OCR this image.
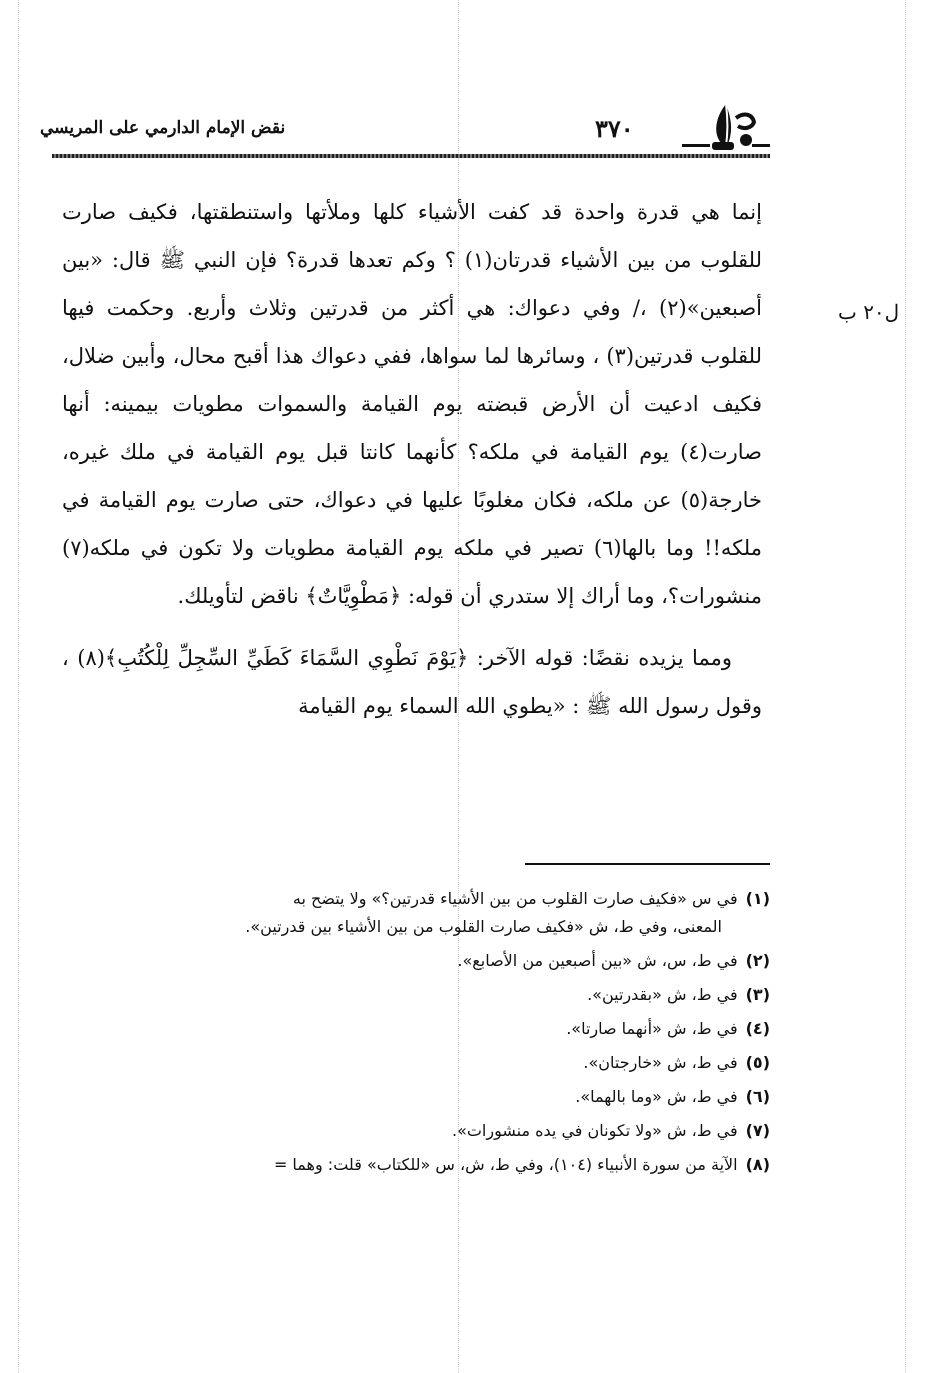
نقض الإمام الدارمي على المريسي	٣٧٠
ل٢٠ ب

إنما هي قدرة واحدة قد كفت الأشياء كلها وملأتها واستنطقتها، فكيف صارت للقلوب من بين الأشياء قدرتان(١) ؟ وكم تعدها قدرة؟ فإن النبي ﷺ قال: «بين أصبعين»(٢) ،/ وفي دعواك: هي أكثر من قدرتين وثلاث وأربع. وحكمت فيها للقلوب قدرتين(٣) ، وسائرها لما سواها، ففي دعواك هذا أقبح محال، وأبين ضلال، فكيف ادعيت أن الأرض قبضته يوم القيامة والسموات مطويات بيمينه: أنها صارت(٤) يوم القيامة في ملكه؟ كأنهما كانتا قبل يوم القيامة في ملك غيره، خارجة(٥) عن ملكه، فكان مغلوبًا عليها في دعواك، حتى صارت يوم القيامة في ملكه!! وما بالها(٦) تصير في ملكه يوم القيامة مطويات ولا تكون في ملكه(٧) منشورات؟، وما أراك إلا ستدري أن قوله: ﴿مَطْوِيَّاتٌ﴾ ناقض لتأويلك.

ومما يزيده نقضًا: قوله الآخر: ﴿يَوْمَ نَطْوِي السَّمَاءَ كَطَيِّ السِّجِلِّ لِلْكُتُبِ﴾(٨) ، وقول رسول الله ﷺ : «يطوي الله السماء يوم القيامة

(١)في س «فكيف صارت القلوب من بين الأشياء قدرتين؟» ولا يتضح به
المعنى، وفي ط، ش «فكيف صارت القلوب من بين الأشياء بين قدرتين».
(٢)في ط، س، ش «بين أصبعين من الأصابع».
(٣)في ط، ش «بقدرتين».
(٤)في ط، ش «أنهما صارتا».
(٥)في ط، ش «خارجتان».
(٦)في ط، ش «وما بالهما».
(٧)في ط، ش «ولا تكونان في يده منشورات».
(٨)الآية من سورة الأنبياء (١٠٤)، وفي ط، ش، س «للكتاب» قلت: وهما =
